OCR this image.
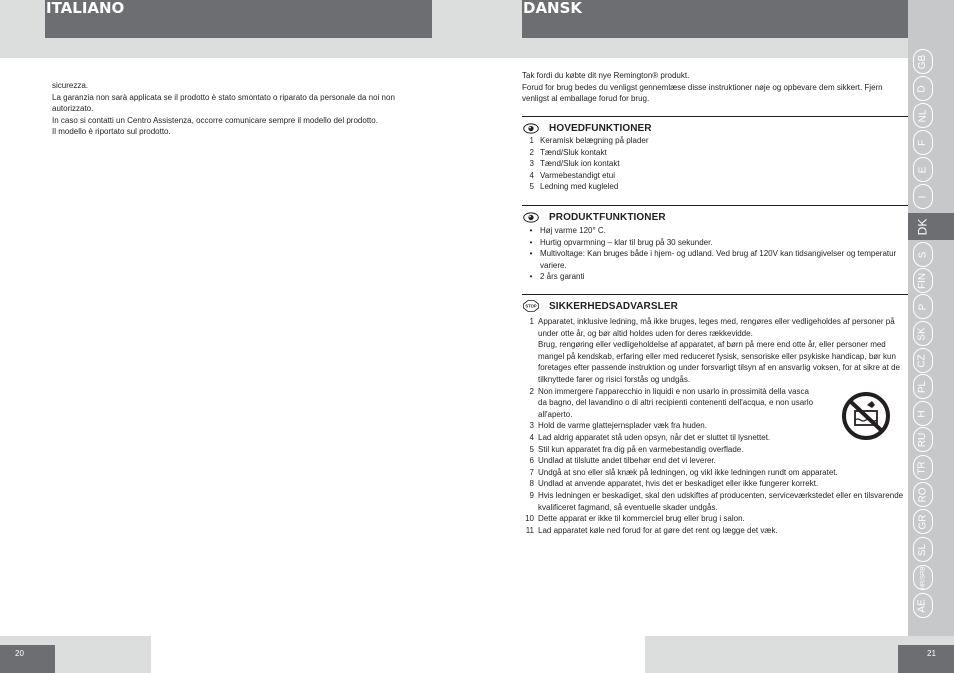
ITALIANO	DANSK

sicurezza.

La garanzia non sarà applicata se il prodotto è stato smontato o riparato da personale da noi non autorizzato.

In caso si contatti un Centro Assistenza, occorre comunicare sempre il modello del prodotto.

Il modello è riportato sul prodotto.

Tak fordi du købte dit nye Remington® produkt.

Forud for brug bedes du venligst gennemlæse disse instruktioner nøje og opbevare dem sikkert. Fjern venligst al emballage forud for brug.

HOVEDFUNKTIONER
1 Keramisk belægning på plader
2 Tænd/Sluk kontakt
3 Tænd/Sluk ion kontakt
4 Varmebestandigt etui
5 Ledning med kugleled
PRODUKTFUNKTIONER
• Høj varme 120° C.
• Hurtig opvarmning – klar til brug på 30 sekunder.
• Multivoltage: Kan bruges både i hjem- og udland. Ved brug af 120V kan tidsangivelser og temperatur variere.
• 2 års garanti
STOP SIKKERHEDSADVARSLER
1 Apparatet, inklusive ledning, må ikke bruges, leges med, rengøres eller vedligeholdes af personer på under otte år, og bør altid holdes uden for deres rækkevidde.
Brug, rengøring eller vedligeholdelse af apparatet, af børn på mere end otte år, eller personer med mangel på kendskab, erfaring eller med reduceret fysisk, sensoriske eller psykiske handicap, bør kun foretages efter passende instruktion og under forsvarligt tilsyn af en ansvarlig voksen, for at sikre at de tilknyttede farer og risici forstås og undgås.
2 Non immergere l'apparecchio in liquidi e non usarlo in prossimità della vasca da bagno, del lavandino o di altri recipienti contenenti dell'acqua, e non usarlo all'aperto.
3 Hold de varme glattejernsplader væk fra huden.
4 Lad aldrig apparatet stå uden opsyn, når det er sluttet til lysnettet.
5 Stil kun apparatet fra dig på en varmebestandig overflade.
6 Undlad at tilslutte andet tilbehør end det vi leverer.
7 Undgå at sno eller slå knæk på ledningen, og vikl ikke ledningen rundt om apparatet.
8 Undlad at anvende apparatet, hvis det er beskadiget eller ikke fungerer korrekt.
9 Hvis ledningen er beskadiget, skal den udskiftes af producenten, serviceværkstedet eller en tilsvarende kvalificeret fagmand, så eventuelle skader undgås.
10 Dette apparat er ikke til kommerciel brug eller brug i salon.
11 Lad apparatet køle ned forud for at gøre det rent og lægge det væk.
GB
D
NL
F
E
I
DK
S
FIN
P
SK
CZ
PL
H
RU
TR
RO
GR
SL
HR/SRB
AE
20	21
